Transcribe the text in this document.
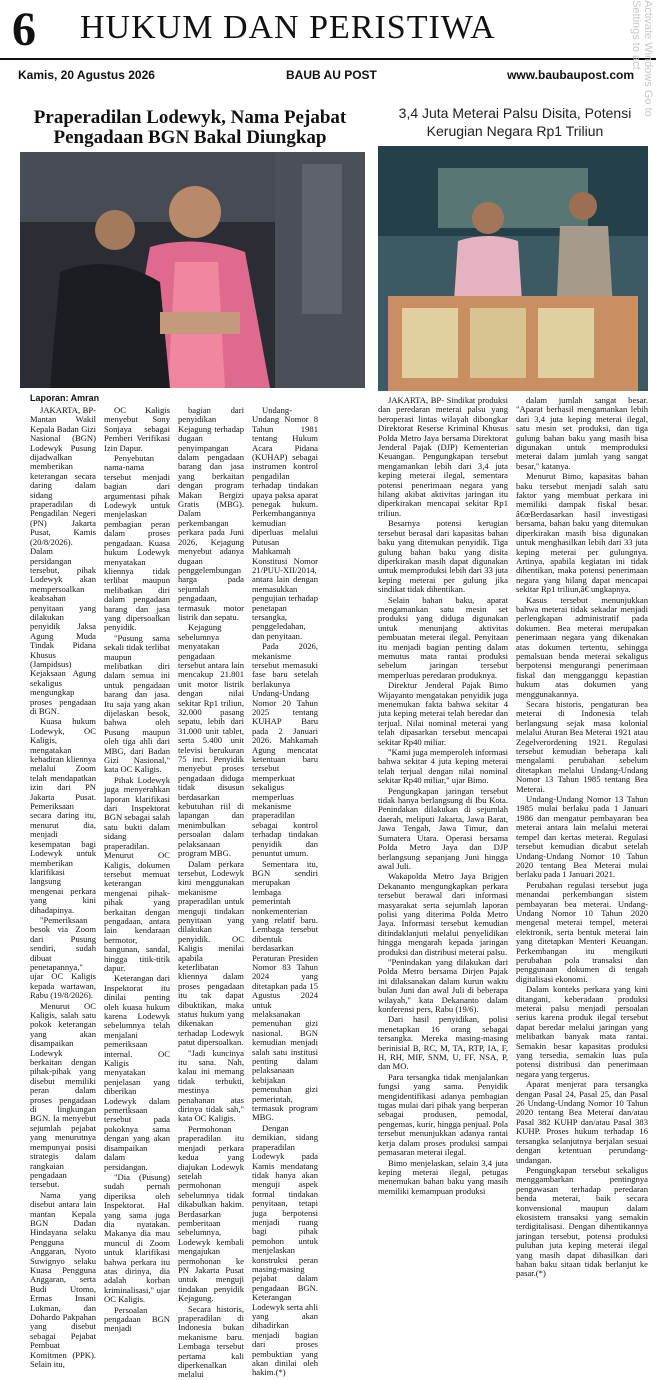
6 HUKUM DAN PERISTIWA
Kamis, 20 Agustus 2026	BAUB AU POST	www.baubaupost.com Activate Windows Go to Settings to act
Praperadilan Lodewyk, Nama Pejabat Pengadaan BGN Bakal Diungkap
3,4 Juta Meterai Palsu Disita, Potensi Kerugian Negara Rp1 Triliun
Laporan: Amran

JAKARTA, BP- Mantan Wakil Kepala Badan Gizi Nasional (BGN) Lodewyk Pusung dijadwalkan memberikan keterangan secara daring dalam sidang praperadilan di Pengadilan Negeri (PN) Jakarta Pusat, Kamis (20/8/2026). Dalam persidangan tersebut, pihak Lodewyk akan mempersoalkan keabsahan penyitaan yang dilakukan penyidik Jaksa Agung Muda Tindak Pidana Khusus (Jampidsus) Kejaksaan Agung sekaligus mengungkap proses pengadaan di BGN.

Kuasa hukum Lodewyk, OC Kaligis, mengatakan kehadiran kliennya melalui Zoom telah mendapatkan izin dari PN Jakarta Pusat. Pemeriksaan secara daring itu, menurut dia, menjadi kesempatan bagi Lodewyk untuk memberikan klarifikasi langsung mengenai perkara yang kini dihadapinya.

"Pemeriksaan besok via Zoom dari Pusung sendiri, sudah dibuat penetapannya," ujar OC Kaligis kepada wartawan, Rabu (19/8/2026).

Menurut OC Kaligis, salah satu pokok keterangan yang akan disampaikan Lodewyk berkaitan dengan pihak-pihak yang disebut memiliki peran dalam proses pengadaan di lingkungan BGN. Ia menyebut sejumlah pejabat yang menurutnya mempunyai posisi strategis dalam rangkaian pengadaan tersebut.

Nama yang disebut antara lain mantan Kepala BGN Dadan Hindayana selaku Pengguna Anggaran, Nyoto Suwignyo selaku Kuasa Pengguna Anggaran, serta Budi Utomo, Ermas Insani Lukman, dan Dohardo Pakpahan yang disebut sebagai Pejabat Pembuat Komitmen (PPK). Selain itu,

OC Kaligis menyebut Sony Sonjaya sebagai Pemberi Verifikasi Izin Dapur.

Penyebutan nama-nama tersebut menjadi bagian dari argumentasi pihak Lodewyk untuk menjelaskan pembagian peran dalam proses pengadaan. Kuasa hukum Lodewyk menyatakan kliennya tidak terlibat maupun melibatkan diri dalam pengadaan barang dan jasa yang dipersoalkan penyidik.

"Pusung sama sekali tidak terlibat maupun melibatkan diri dalam semua ini untuk pengadaan barang dan jasa. Itu saja yang akan dijelaskan besok, bahwa oleh Pusung maupun oleh tiga ahli dari MBG, dari Badan Gizi Nasional," kata OC Kaligis.

Pihak Lodewyk juga menyerahkan laporan klarifikasi dari Inspektorat BGN sebagai salah satu bukti dalam sidang praperadilan. Menurut OC Kaligis, dokumen tersebut memuat keterangan mengenai pihak-pihak yang berkaitan dengan pengadaan, antara lain kendaraan bermotor, bangunan, sandal, hingga titik-titik dapur.

Keterangan dari Inspektorat itu dinilai penting oleh kuasa hukum karena Lodewyk sebelumnya telah menjalani pemeriksaan internal. OC Kaligis menyatakan penjelasan yang diberikan Lodewyk dalam pemeriksaan tersebut pada pokoknya sama dengan yang akan disampaikan dalam persidangan.

"Dia (Pusung) sudah pernah diperiksa oleh Inspektorat. Hal yang sama juga dia nyatakan. Makanya dia mau muncul di Zoom untuk klarifikasi bahwa perkara itu atas dirinya, dia adalah korban kriminalisasi," ujar OC Kaligis.

Persoalan pengadaan BGN menjadi

bagian dari penyidikan Kejagung terhadap dugaan penyimpangan dalam pengadaan barang dan jasa yang berkaitan dengan program Makan Bergizi Gratis (MBG). Dalam perkembangan perkara pada Juni 2026, Kejagung menyebut adanya dugaan penggelembungan harga pada sejumlah pengadaan, termasuk motor listrik dan sepatu.

Kejagung sebelumnya menyatakan pengadaan tersebut antara lain mencakup 21.801 unit motor listrik dengan nilai sekitar Rp1 triliun, 32.000 pasang sepatu, lebih dari 31.000 unit tablet, serta 5.400 unit televisi berukuran 75 inci. Penyidik menyebut proses pengadaan diduga tidak disusun berdasarkan kebutuhan riil di lapangan dan menimbulkan persoalan dalam pelaksanaan program MBG.

Dalam perkara tersebut, Lodewyk kini menggunakan mekanisme praperadilan untuk menguji tindakan penyitaan yang dilakukan penyidik. OC Kaligis menilai apabila keterlibatan kliennya dalam proses pengadaan itu tak dapat dibuktikan, maka status hukum yang dikenakan terhadap Lodewyk patut dipersoalkan.

"Jadi kuncinya itu sana. Nah, kalau ini memang tidak terbukti, mestinya penahanan atas dirinya tidak sah," kata OC Kaligis.

Permohonan praperadilan itu menjadi perkara kedua yang diajukan Lodewyk setelah permohonan sebelumnya tidak dikabulkan hakim. Berdasarkan pemberitaan sebelumnya, Lodewyk kembali mengajukan permohonan ke PN Jakarta Pusat untuk menguji tindakan penyidik Kejagung.

Secara historis, praperadilan di Indonesia bukan mekanisme baru. Lembaga tersebut pertama kali diperkenalkan melalui

Undang-Undang Nomor 8 Tahun 1981 tentang Hukum Acara Pidana (KUHAP) sebagai instrumen kontrol pengadilan terhadap tindakan upaya paksa aparat penegak hukum. Perkembangannya kemudian diperluas melalui Putusan Mahkamah Konstitusi Nomor 21/PUU-XII/2014, antara lain dengan memasukkan pengujian terhadap penetapan tersangka, penggeledahan, dan penyitaan.

Pada 2026, mekanisme tersebut memasuki fase baru setelah berlakunya Undang-Undang Nomor 20 Tahun 2025 tentang KUHAP Baru pada 2 Januari 2026. Mahkamah Agung mencatat ketentuan baru tersebut memperkuat sekaligus memperluas mekanisme praperadilan sebagai kontrol terhadap tindakan penyidik dan penuntut umum.

Sementara itu, BGN sendiri merupakan lembaga pemerintah nonkementerian yang relatif baru. Lembaga tersebut dibentuk berdasarkan Peraturan Presiden Nomor 83 Tahun 2024 yang ditetapkan pada 15 Agustus 2024 untuk melaksanakan pemenuhan gizi nasional. BGN kemudian menjadi salah satu institusi penting dalam pelaksanaan kebijakan pemenuhan gizi pemerintah, termasuk program MBG.

Dengan demikian, sidang praperadilan Lodewyk pada Kamis mendatang tidak hanya akan menguji aspek formal tindakan penyitaan, tetapi juga berpotensi menjadi ruang bagi pihak pemohon untuk menjelaskan konstruksi peran masing-masing pejabat dalam pengadaan BGN. Keterangan Lodewyk serta ahli yang akan dihadirkan menjadi bagian dari proses pembuktian yang akan dinilai oleh hakim.(*)

JAKARTA, BP- Sindikat produksi dan peredaran meterai palsu yang beroperasi lintas wilayah dibongkar Direktorat Reserse Kriminal Khusus Polda Metro Jaya bersama Direktorat Jenderal Pajak (DJP) Kementerian Keuangan. Pengungkapan tersebut mengamankan lebih dari 3,4 juta keping meterai ilegal, sementara potensi penerimaan negara yang hilang akibat aktivitas jaringan itu diperkirakan mencapai sekitar Rp1 triliun.

Besarnya potensi kerugian tersebut berasal dari kapasitas bahan baku yang ditemukan penyidik. Tiga gulung bahan baku yang disita diperkirakan masih dapat digunakan untuk memproduksi lebih dari 33 juta keping meterai per gulung jika sindikat tidak dihentikan.

Selain bahan baku, aparat mengamankan satu mesin set produksi yang diduga digunakan untuk menunjang aktivitas pembuatan meterai ilegal. Penyitaan itu menjadi bagian penting dalam memutus mata rantai produksi sebelum jaringan tersebut memperluas peredaran produknya.

Direktur Jenderal Pajak Bimo Wijayanto mengatakan penyidik juga menemukan fakta bahwa sekitar 4 juta keping meterai telah beredar dan terjual. Nilai nominal meterai yang telah dipasarkan tersebut mencapai sekitar Rp40 miliar.

"Kami juga memperoleh informasi bahwa sekitar 4 juta keping meterai telah terjual dengan nilai nominal sekitar Rp40 miliar," ujar Bimo.

Pengungkapan jaringan tersebut tidak hanya berlangsung di Ibu Kota. Penindakan dilakukan di sejumlah daerah, meliputi Jakarta, Jawa Barat, Jawa Tengah, Jawa Timur, dan Sumatera Utara. Operasi bersama Polda Metro Jaya dan DJP berlangsung sepanjang Juni hingga awal Juli.

Wakapolda Metro Jaya Brigjen Dekananto mengungkapkan perkara tersebut berawal dari informasi masyarakat serta sejumlah laporan polisi yang diterima Polda Metro Jaya. Informasi tersebut kemudian ditindaklanjuti melalui penyelidikan hingga mengarah kepada jaringan produksi dan distribusi meterai palsu.

"Penindakan yang dilakukan dari Polda Metro bersama Dirjen Pajak ini dilaksanakan dalam kurun waktu bulan Juni dan awal Juli di beberapa wilayah," kata Dekananto dalam konferensi pers, Rabu (19/6).

Dari hasil penyidikan, polisi menetapkan 16 orang sebagai tersangka. Mereka masing-masing berinisial B, RC, M, TA, RTP, IA, F, H, RH, MIF, SNM, U, FF, NSA, P, dan MO.

Para tersangka tidak menjalankan fungsi yang sama. Penyidik mengidentifikasi adanya pembagian tugas mulai dari pihak yang berperan sebagai produsen, pemodal, pengemas, kurir, hingga penjual. Pola tersebut menunjukkan adanya rantai kerja dalam proses produksi sampai pemasaran meterai ilegal.

Bimo menjelaskan, selain 3,4 juta keping meterai ilegal, petugas menemukan bahan baku yang masih memiliki kemampuan produksi

dalam jumlah sangat besar. "Aparat berhasil mengamankan lebih dari 3,4 juta keping meterai ilegal, satu mesin set produksi, dan tiga gulung bahan baku yang masih bisa digunakan untuk memproduksi meterai dalam jumlah yang sangat besar," katanya.

Menurut Bimo, kapasitas bahan baku tersebut menjadi salah satu faktor yang membuat perkara ini memiliki dampak fiskal besar. â€œBerdasarkan hasil investigasi bersama, bahan baku yang ditemukan diperkirakan masih bisa digunakan untuk menghasilkan lebih dari 33 juta keping meterai per gulungnya. Artinya, apabila kegiatan ini tidak dihentikan, maka potensi penerimaan negara yang hilang dapat mencapai sekitar Rp1 triliun,â€ ungkapnya.

Kasus tersebut menunjukkan bahwa meterai tidak sekadar menjadi perlengkapan administratif pada dokumen. Bea meterai merupakan penerimaan negara yang dikenakan atas dokumen tertentu, sehingga pemalsuan benda meterai sekaligus berpotensi mengurangi penerimaan fiskal dan mengganggu kepastian hukum atas dokumen yang menggunakannya.

Secara historis, pengaturan bea meterai di Indonesia telah berlangsung sejak masa kolonial melalui Aturan Bea Meterai 1921 atau Zegelverordening 1921. Regulasi tersebut kemudian beberapa kali mengalami perubahan sebelum ditetapkan melalui Undang-Undang Nomor 13 Tahun 1985 tentang Bea Meterai.

Undang-Undang Nomor 13 Tahun 1985 mulai berlaku pada 1 Januari 1986 dan mengatur pembayaran bea meterai antara lain melalui meterai tempel dan kertas meterai. Regulasi tersebut kemudian dicabut setelah Undang-Undang Nomor 10 Tahun 2020 tentang Bea Meterai mulai berlaku pada 1 Januari 2021.

Perubahan regulasi tersebut juga menandai perkembangan sistem pembayaran bea meterai. Undang-Undang Nomor 10 Tahun 2020 mengenal meterai tempel, meterai elektronik, serta bentuk meterai lain yang ditetapkan Menteri Keuangan. Perkembangan itu mengikuti perubahan pola transaksi dan penggunaan dokumen di tengah digitalisasi ekonomi.

Dalam konteks perkara yang kini ditangani, keberadaan produksi meterai palsu menjadi persoalan serius karena produk ilegal tersebut dapat beredar melalui jaringan yang melibatkan banyak mata rantai. Semakin besar kapasitas produksi yang tersedia, semakin luas pula potensi distribusi dan penerimaan negara yang tergerus.

Aparat menjerat para tersangka dengan Pasal 24, Pasal 25, dan Pasal 26 Undang-Undang Nomor 10 Tahun 2020 tentang Bea Meterai dan/atau Pasal 382 KUHP dan/atau Pasal 383 KUHP. Proses hukum terhadap 16 tersangka selanjutnya berjalan sesuai dengan ketentuan perundang-undangan.

Pengungkapan tersebut sekaligus menggambarkan pentingnya pengawasan terhadap peredaran benda meterai, baik secara konvensional maupun dalam ekosistem transaksi yang semakin terdigitalisasi. Dengan dihentikannya jaringan tersebut, potensi produksi puluhan juta keping meterai ilegal yang masih dapat dihasilkan dari bahan baku sitaan tidak berlanjut ke pasar.(*)
